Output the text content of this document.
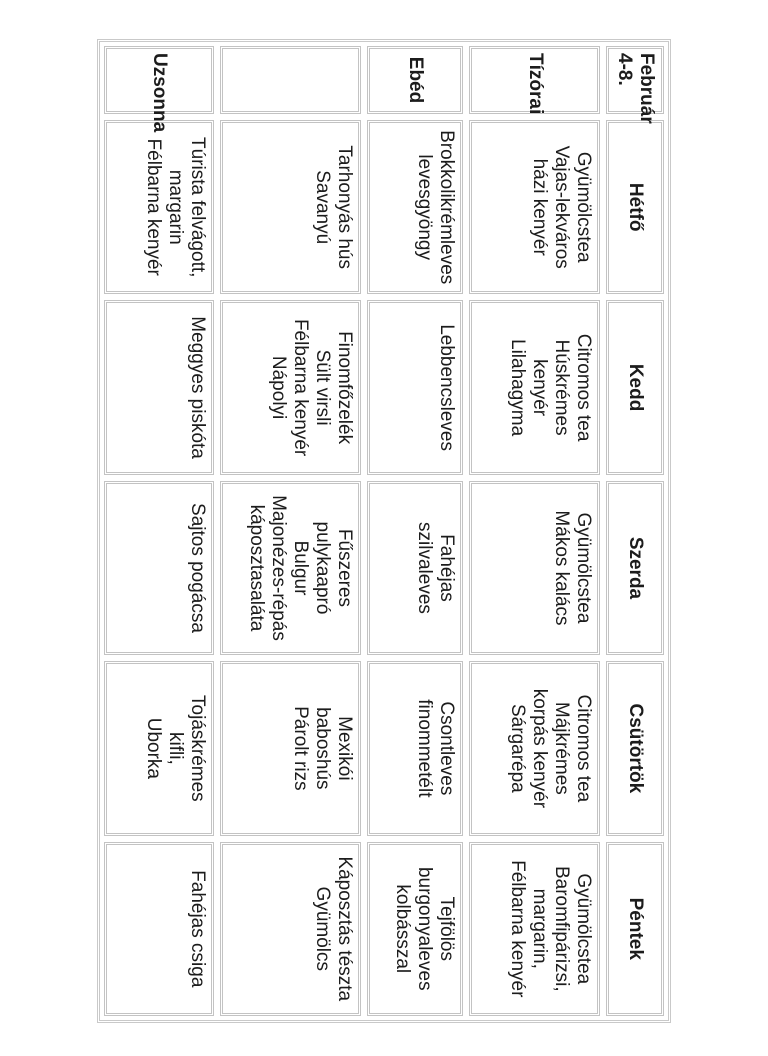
Február
4-8.	Hétfő	Kedd	Szerda	Csütörtök	Péntek
Tízórai	Gyümölcstea
Vajas-lekváros
házi kenyér	Citromos tea
Húskrémes
kenyér
Lilahagyma	Gyümölcstea
Mákos kalács	Citromos tea
Májkrémes
korpás kenyér
Sárgarépa	Gyümölcstea
Baromfipárizsi,
margarin,
Félbarna kenyér

Ebéd	Brokkolikrémleves
levesgyöngy	Lebbencsleves	Fahéjas
szilvaleves	Csontleves
finommetélt	Tejfölös
burgonyaleves
kolbásszal

	Tarhonyás hús
Savanyú	Finomfőzelék
Sült virsli
Félbarna kenyér
Nápolyi	Fűszeres
pulykaapró
Bulgur
Majonézes-répás
káposztasaláta	Mexikói
baboshús
Párolt rizs	Káposztás tészta
Gyümölcs

Uzsonna	Túrista felvágott,
margarin
Félbarna kenyér	Meggyes piskóta	Sajtos pogácsa	Tojáskrémes
kifli,
Uborka	Fahéjas csiga
